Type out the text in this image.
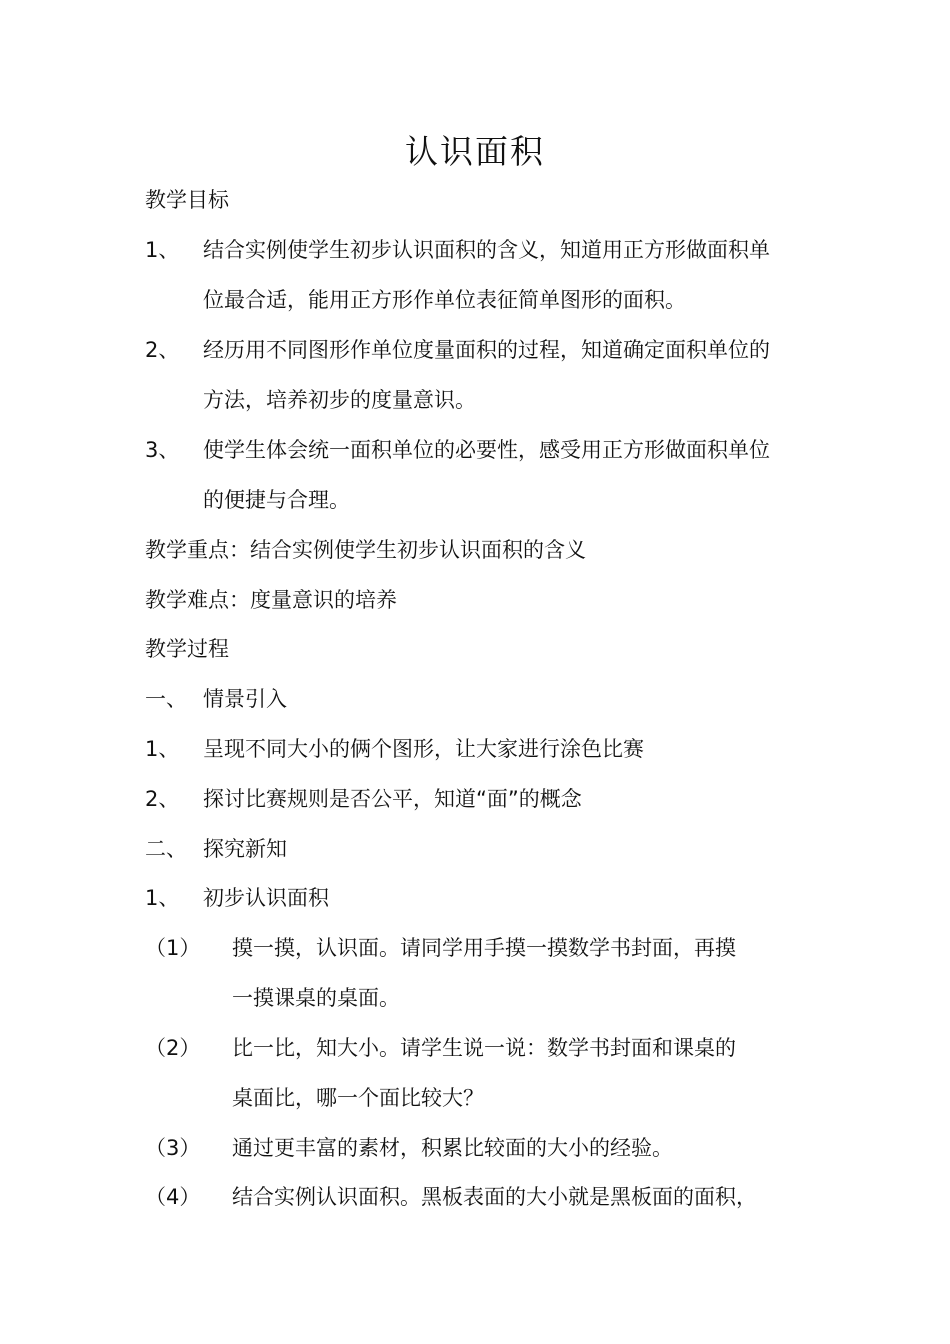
认识面积
教学目标
1、 结合实例使学生初步认识面积的含义，知道用正方形做面积单
位最合适，能用正方形作单位表征简单图形的面积。
2、 经历用不同图形作单位度量面积的过程，知道确定面积单位的
方法，培养初步的度量意识。
3、 使学生体会统一面积单位的必要性，感受用正方形做面积单位
的便捷与合理。
教学重点：结合实例使学生初步认识面积的含义
教学难点：度量意识的培养
教学过程
一、 情景引入
1、 呈现不同大小的俩个图形，让大家进行涂色比赛
2、 探讨比赛规则是否公平，知道“面”的概念
二、 探究新知
1、 初步认识面积
（1） 摸一摸，认识面。请同学用手摸一摸数学书封面，再摸
一摸课桌的桌面。
（2） 比一比，知大小。请学生说一说：数学书封面和课桌的
桌面比，哪一个面比较大？
（3） 通过更丰富的素材，积累比较面的大小的经验。
（4） 结合实例认识面积。黑板表面的大小就是黑板面的面积，
